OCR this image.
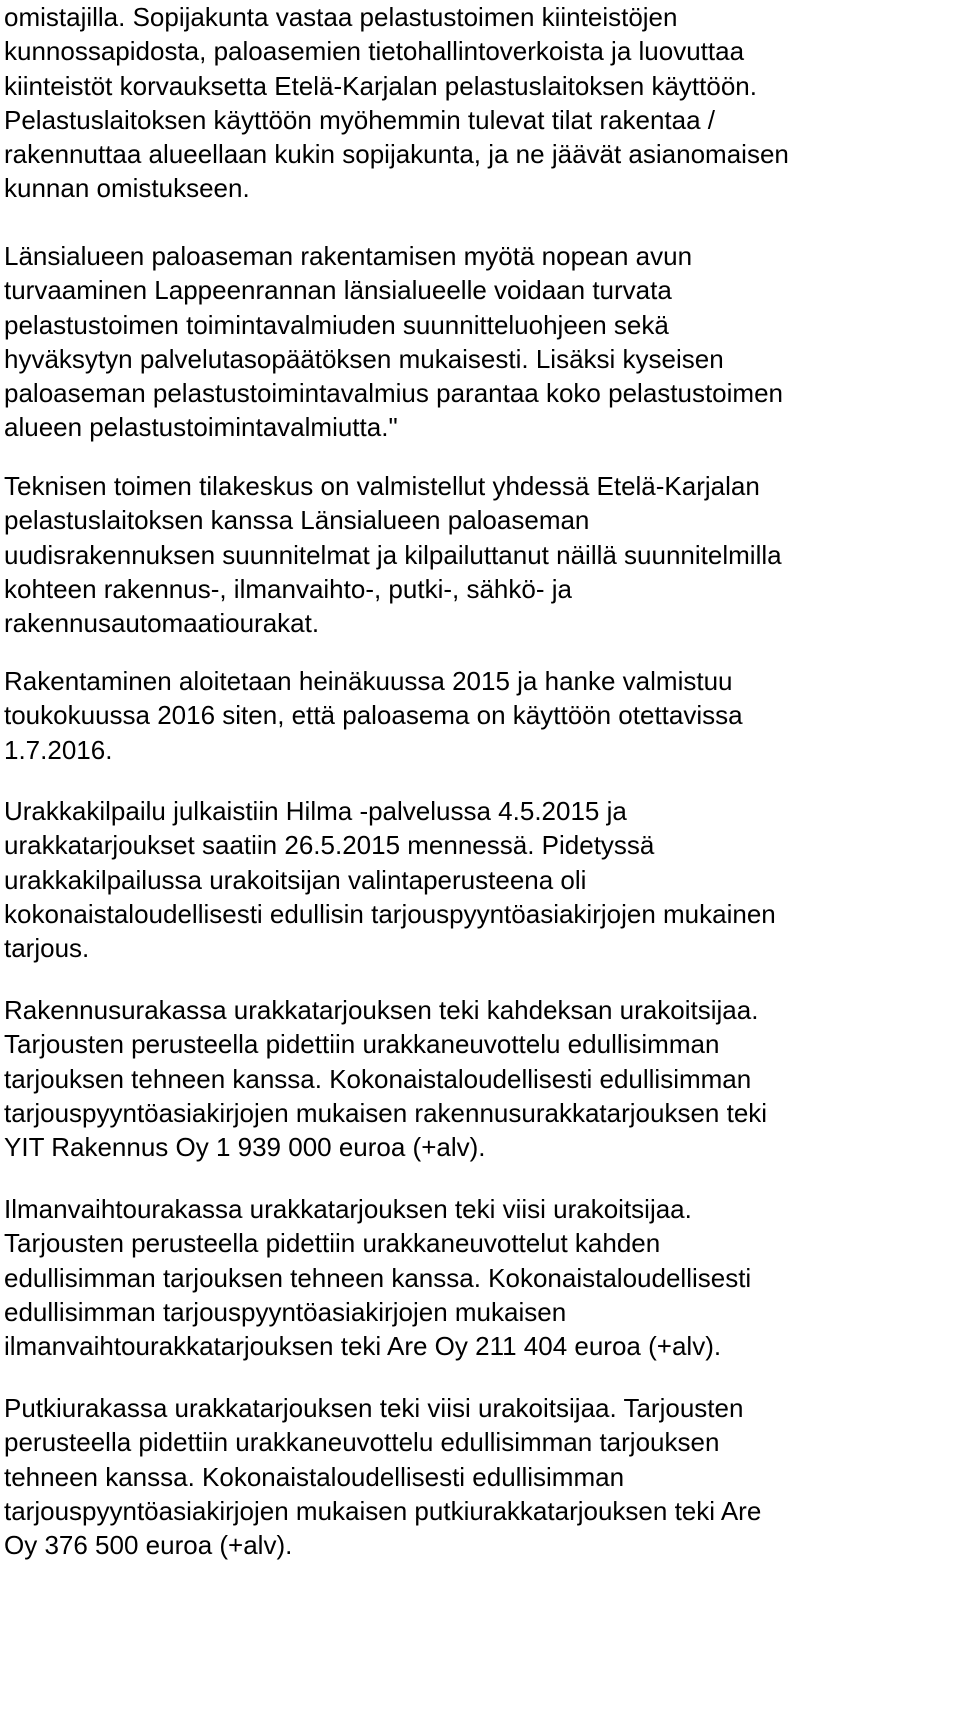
omistajilla. Sopijakunta vastaa pelastustoimen kiinteistöjen
kunnossapidosta, paloasemien tietohallintoverkoista ja luovuttaa
kiinteistöt korvauksetta Etelä-Karjalan pelastuslaitoksen käyttöön.
Pelastuslaitoksen käyttöön myöhemmin tulevat tilat rakentaa /
rakennuttaa alueellaan kukin sopijakunta, ja ne jäävät asianomaisen
kunnan omistukseen.
Länsialueen paloaseman rakentamisen myötä nopean avun
turvaaminen Lappeenrannan länsialueelle voidaan turvata
pelastustoimen toimintavalmiuden suunnitteluohjeen sekä
hyväksytyn palvelutasopäätöksen mukaisesti. Lisäksi kyseisen
paloaseman pelastustoimintavalmius parantaa koko pelastustoimen
alueen pelastustoimintavalmiutta."
Teknisen toimen tilakeskus on valmistellut yhdessä Etelä-Karjalan
pelastuslaitoksen kanssa Länsialueen paloaseman
uudisrakennuksen suunnitelmat ja kilpailuttanut näillä suunnitelmilla
kohteen rakennus-, ilmanvaihto-, putki-, sähkö- ja
rakennusautomaatiourakat.
Rakentaminen aloitetaan heinäkuussa 2015 ja hanke valmistuu
toukokuussa 2016 siten, että paloasema on käyttöön otettavissa
1.7.2016.
Urakkakilpailu julkaistiin Hilma -palvelussa 4.5.2015 ja
urakkatarjoukset saatiin 26.5.2015 mennessä. Pidetyssä
urakkakilpailussa urakoitsijan valintaperusteena oli
kokonaistaloudellisesti edullisin tarjouspyyntöasiakirjojen mukainen
tarjous.
Rakennusurakassa urakkatarjouksen teki kahdeksan urakoitsijaa.
Tarjousten perusteella pidettiin urakkaneuvottelu edullisimman
tarjouksen tehneen kanssa. Kokonaistaloudellisesti edullisimman
tarjouspyyntöasiakirjojen mukaisen rakennusurakkatarjouksen teki
YIT Rakennus Oy 1 939 000 euroa (+alv).
Ilmanvaihtourakassa urakkatarjouksen teki viisi urakoitsijaa.
Tarjousten perusteella pidettiin urakkaneuvottelut kahden
edullisimman tarjouksen tehneen kanssa. Kokonaistaloudellisesti
edullisimman tarjouspyyntöasiakirjojen mukaisen
ilmanvaihtourakkatarjouksen teki Are Oy 211 404 euroa (+alv).
Putkiurakassa urakkatarjouksen teki viisi urakoitsijaa. Tarjousten
perusteella pidettiin urakkaneuvottelu edullisimman tarjouksen
tehneen kanssa. Kokonaistaloudellisesti edullisimman
tarjouspyyntöasiakirjojen mukaisen putkiurakkatarjouksen teki Are
Oy 376 500 euroa (+alv).
